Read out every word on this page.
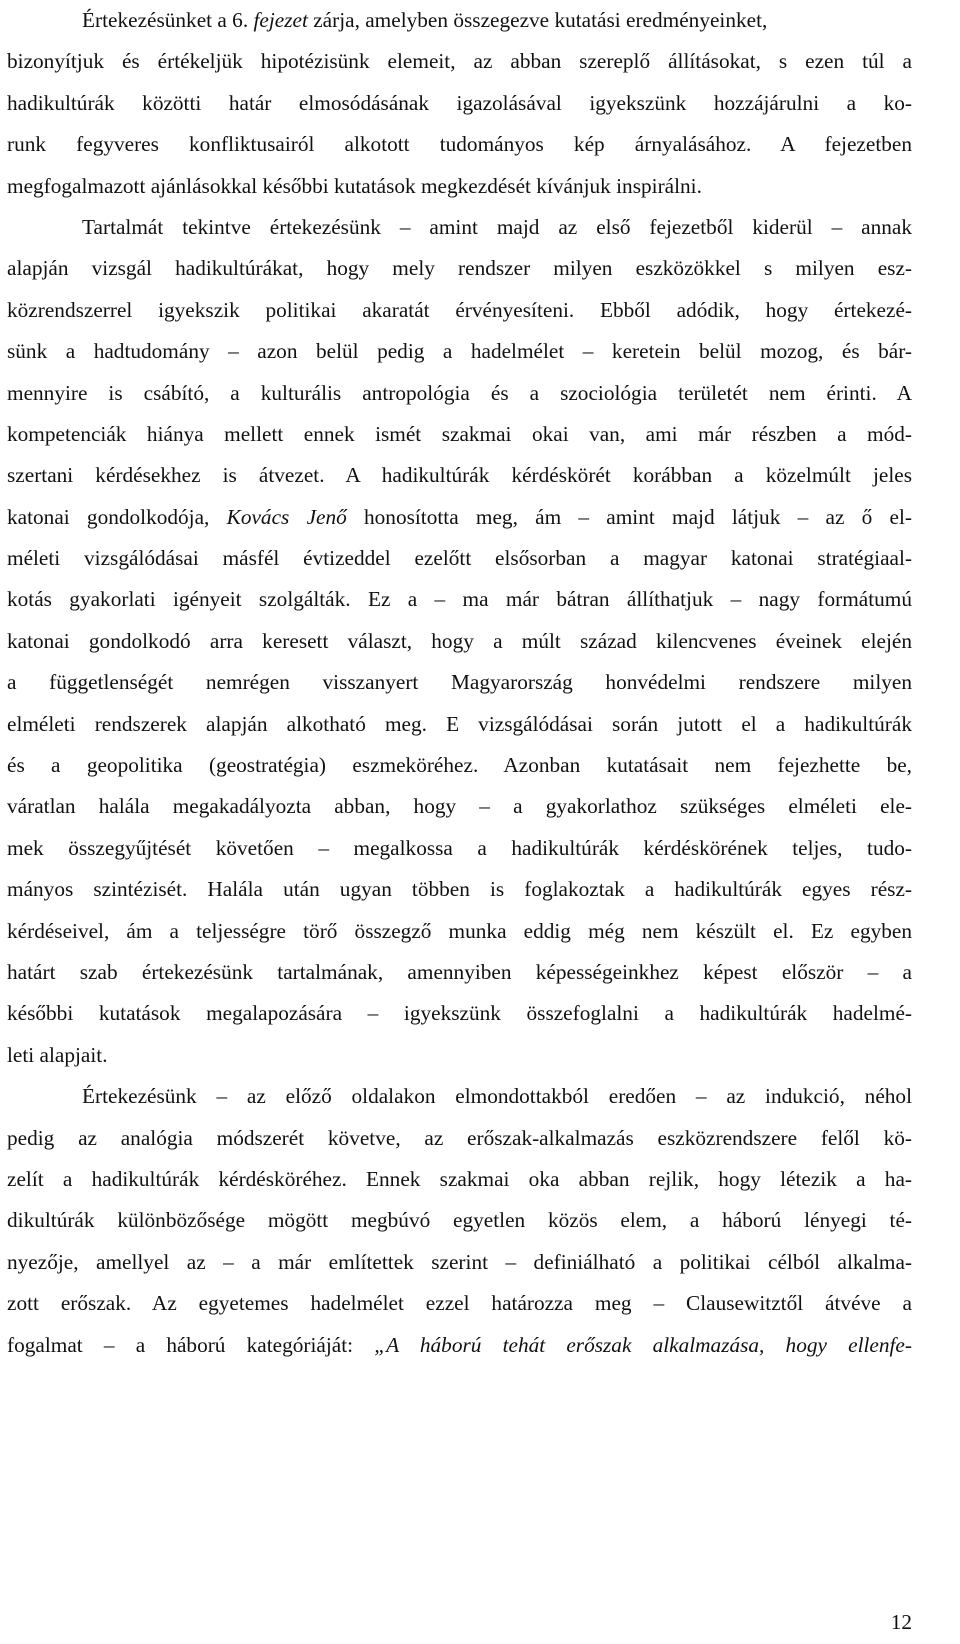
Értekezésünket a 6. fejezet zárja, amelyben összegezve kutatási eredményeinket,
bizonyítjuk és értékeljük hipotézisünk elemeit, az abban szereplő állításokat, s ezen túl a
hadikultúrák közötti határ elmosódásának igazolásával igyekszünk hozzájárulni a ko-
runk fegyveres konfliktusairól alkotott tudományos kép árnyalásához. A fejezetben
megfogalmazott ajánlásokkal későbbi kutatások megkezdését kívánjuk inspirálni.
Tartalmát tekintve értekezésünk – amint majd az első fejezetből kiderül – annak
alapján vizsgál hadikultúrákat, hogy mely rendszer milyen eszközökkel s milyen esz-
közrendszerrel igyekszik politikai akaratát érvényesíteni. Ebből adódik, hogy értekezé-
sünk a hadtudomány – azon belül pedig a hadelmélet – keretein belül mozog, és bár-
mennyire is csábító, a kulturális antropológia és a szociológia területét nem érinti. A
kompetenciák hiánya mellett ennek ismét szakmai okai van, ami már részben a mód-
szertani kérdésekhez is átvezet. A hadikultúrák kérdéskörét korábban a közelmúlt jeles
katonai gondolkodója, Kovács Jenő honosította meg, ám – amint majd látjuk – az ő el-
méleti vizsgálódásai másfél évtizeddel ezelőtt elsősorban a magyar katonai stratégiaal-
kotás gyakorlati igényeit szolgálták. Ez a – ma már bátran állíthatjuk – nagy formátumú
katonai gondolkodó arra keresett választ, hogy a múlt század kilencvenes éveinek elején
a függetlenségét nemrégen visszanyert Magyarország honvédelmi rendszere milyen
elméleti rendszerek alapján alkotható meg. E vizsgálódásai során jutott el a hadikultúrák
és a geopolitika (geostratégia) eszmeköréhez. Azonban kutatásait nem fejezhette be,
váratlan halála megakadályozta abban, hogy – a gyakorlathoz szükséges elméleti ele-
mek összegyűjtését követően – megalkossa a hadikultúrák kérdéskörének teljes, tudo-
mányos szintézisét. Halála után ugyan többen is foglakoztak a hadikultúrák egyes rész-
kérdéseivel, ám a teljességre törő összegző munka eddig még nem készült el. Ez egyben
határt szab értekezésünk tartalmának, amennyiben képességeinkhez képest először – a
későbbi kutatások megalapozására – igyekszünk összefoglalni a hadikultúrák hadelmé-
leti alapjait.
Értekezésünk – az előző oldalakon elmondottakból eredően – az indukció, néhol
pedig az analógia módszerét követve, az erőszak-alkalmazás eszközrendszere felől kö-
zelít a hadikultúrák kérdésköréhez. Ennek szakmai oka abban rejlik, hogy létezik a ha-
dikultúrák különbözősége mögött megbúvó egyetlen közös elem, a háború lényegi té-
nyezője, amellyel az – a már említettek szerint – definiálható a politikai célból alkalma-
zott erőszak. Az egyetemes hadelmélet ezzel határozza meg – Clausewitztől átvéve a
fogalmat – a háború kategóriáját: „A háború tehát erőszak alkalmazása, hogy ellenfe-
12
